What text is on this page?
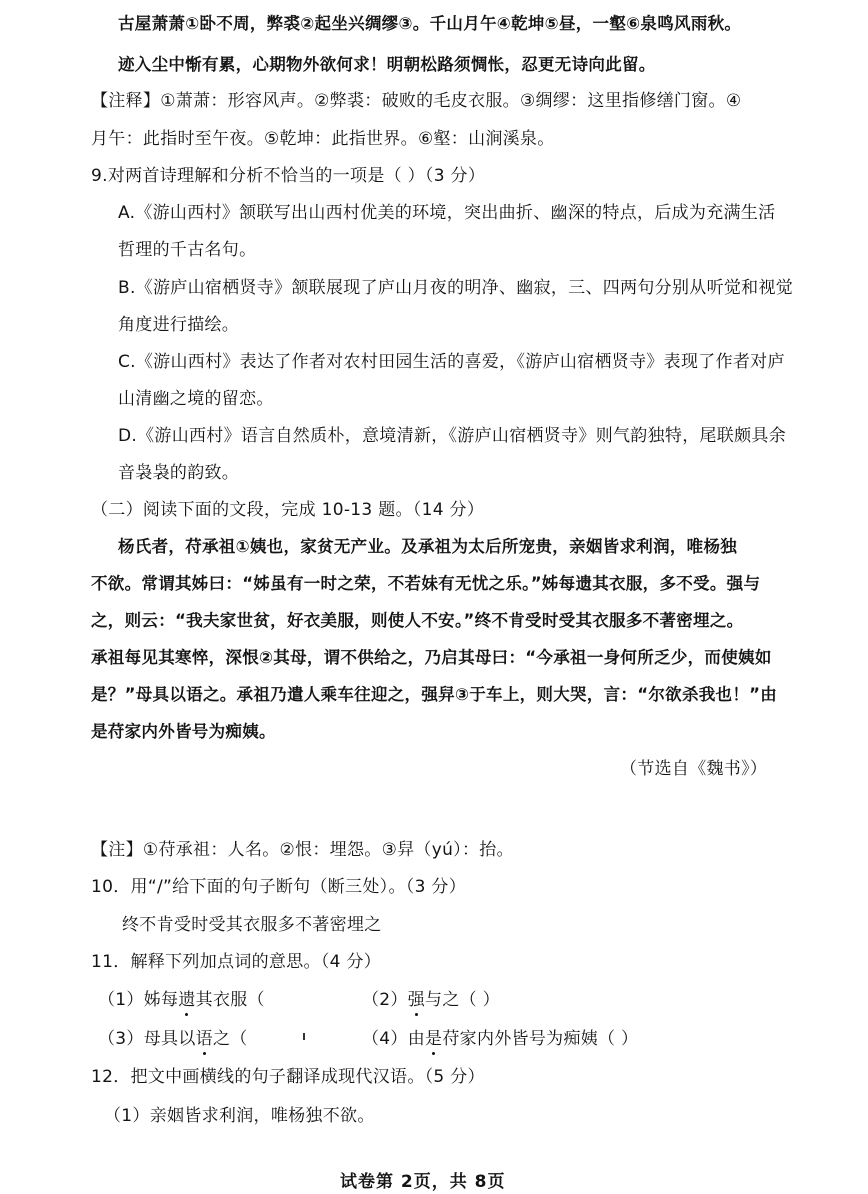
古屋萧萧①卧不周，弊裘②起坐兴绸缪③。千山月午④乾坤⑤昼，一壑⑥泉鸣风雨秋。
迹入尘中惭有累，心期物外欲何求！明朝松路须惆怅，忍更无诗向此留。
【注释】①萧萧：形容风声。②弊裘：破败的毛皮衣服。③绸缪：这里指修缮门窗。④
月午：此指时至午夜。⑤乾坤：此指世界。⑥壑：山涧溪泉。
9.对两首诗理解和分析不恰当的一项是（ ）（3 分）
A.《游山西村》颔联写出山西村优美的环境，突出曲折、幽深的特点，后成为充满生活
哲理的千古名句。
B.《游庐山宿栖贤寺》颔联展现了庐山月夜的明净、幽寂，三、四两句分别从听觉和视觉
角度进行描绘。
C.《游山西村》表达了作者对农村田园生活的喜爱，《游庐山宿栖贤寺》表现了作者对庐
山清幽之境的留恋。
D.《游山西村》语言自然质朴，意境清新，《游庐山宿栖贤寺》则气韵独特，尾联颇具余
音袅袅的韵致。
（二）阅读下面的文段，完成 10-13 题。（14 分）
杨氏者，苻承祖①姨也，家贫无产业。及承祖为太后所宠贵，亲姻皆求利润，唯杨独
不欲。常谓其姊曰：“姊虽有一时之荣，不若妹有无忧之乐。”姊每遗其衣服，多不受。强与
之，则云：“我夫家世贫，好衣美服，则使人不安。”终不肯受时受其衣服多不著密埋之。
承祖每见其寒悴，深恨②其母，谓不供给之，乃启其母曰：“今承祖一身何所乏少，而使姨如
是？”母具以语之。承祖乃遣人乘车往迎之，强舁③于车上，则大哭，言：“尔欲杀我也！”由
是苻家内外皆号为痴姨。
（节选自《魏书》）
【注】①苻承祖：人名。②恨：埋怨。③舁（yú）：抬。
10．用“/”给下面的句子断句（断三处）。（3 分）
终不肯受时受其衣服多不著密埋之
11．解释下列加点词的意思。（4 分）
（1）姊每遗其衣服（	（2）强与之（ ）
（3）母具以语之（	（4）由是苻家内外皆号为痴姨（ ）
12．把文中画横线的句子翻译成现代汉语。（5 分）
（1）亲姻皆求利润，唯杨独不欲。
试卷第 2页，共 8页
